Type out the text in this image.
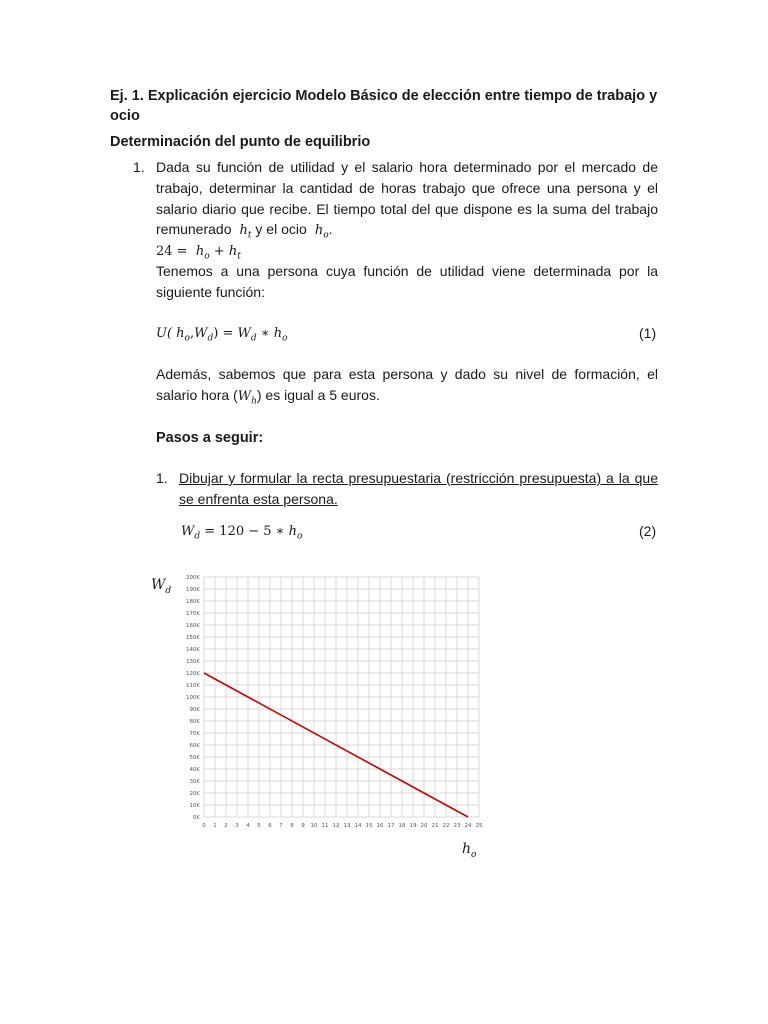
Ej. 1. Explicación ejercicio Modelo Básico de elección entre tiempo de trabajo y ocio

Determinación del punto de equilibrio

1. Dada su función de utilidad y el salario hora determinado por el mercado de trabajo, determinar la cantidad de horas trabajo que ofrece una persona y el salario diario que recibe. El tiempo total del que dispone es la suma del trabajo remunerado $h_t$ y el ocio $h_o$.
$24 = h_o + h_t$
Tenemos a una persona cuya función de utilidad viene determinada por la siguiente función:
U( $h_o,W_d) = W_d$ ∗ $h_o$	(1)
Además, sabemos que para esta persona y dado su nivel de formación, el salario hora $(W_h)$ es igual a 5 euros.
Pasos a seguir:
1. Dibujar y formular la recta presupuestaria (restricción presupuesta) a la que se enfrenta esta persona.
$W_d = 120 - 5$ ∗ $h_o$	(2)
$W_d$
$h_o$
0 1 2 3 4 5 6 7 8 9 10 11 12 13 14 15 16 17 18 19 20 21 22 23 24 25
0€
10€
20€
30€
40€
50€
60€
70€
80€
90€
100€
110€
120€
130€
140€
150€
160€
170€
180€
190€
200€
